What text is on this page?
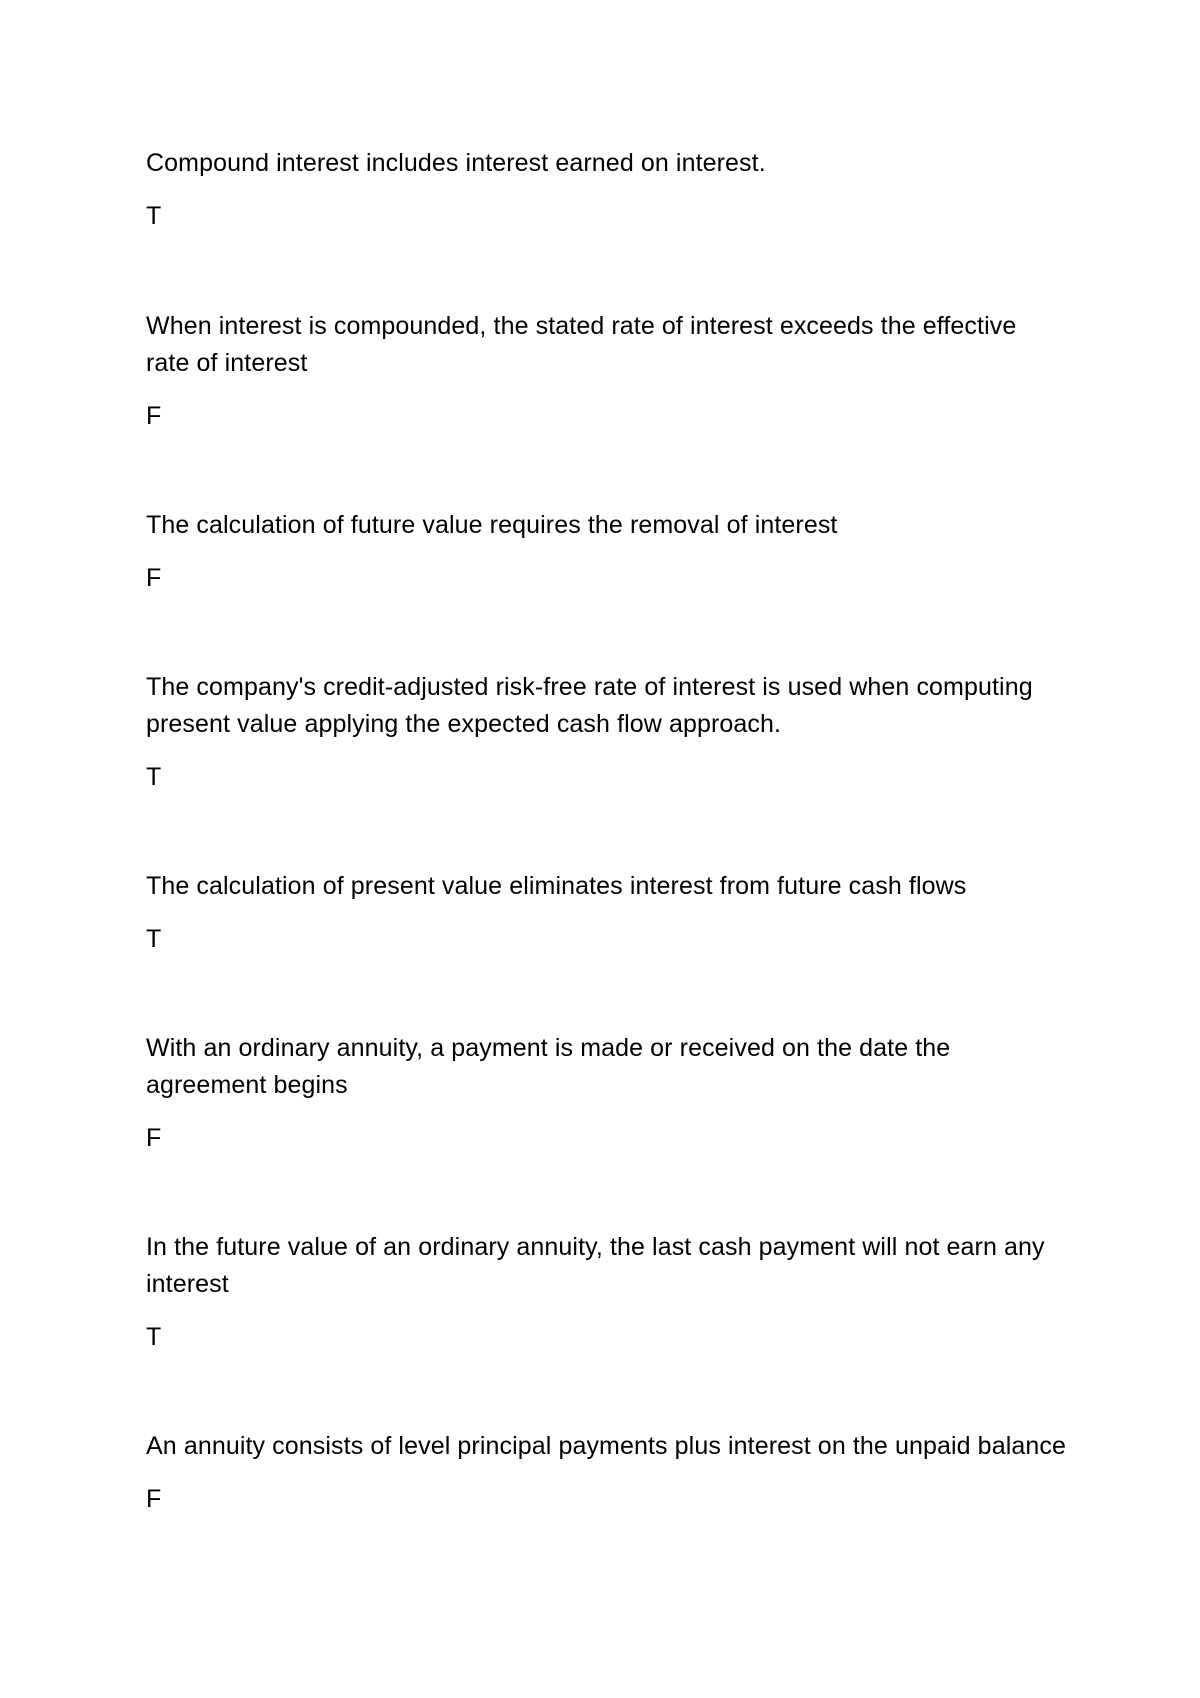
Compound interest includes interest earned on interest.

T

When interest is compounded, the stated rate of interest exceeds the effective rate of interest

F

The calculation of future value requires the removal of interest

F

The company's credit-adjusted risk-free rate of interest is used when computing present value applying the expected cash flow approach.

T

The calculation of present value eliminates interest from future cash flows

T

With an ordinary annuity, a payment is made or received on the date the agreement begins

F

In the future value of an ordinary annuity, the last cash payment will not earn any interest

T

An annuity consists of level principal payments plus interest on the unpaid balance

F
